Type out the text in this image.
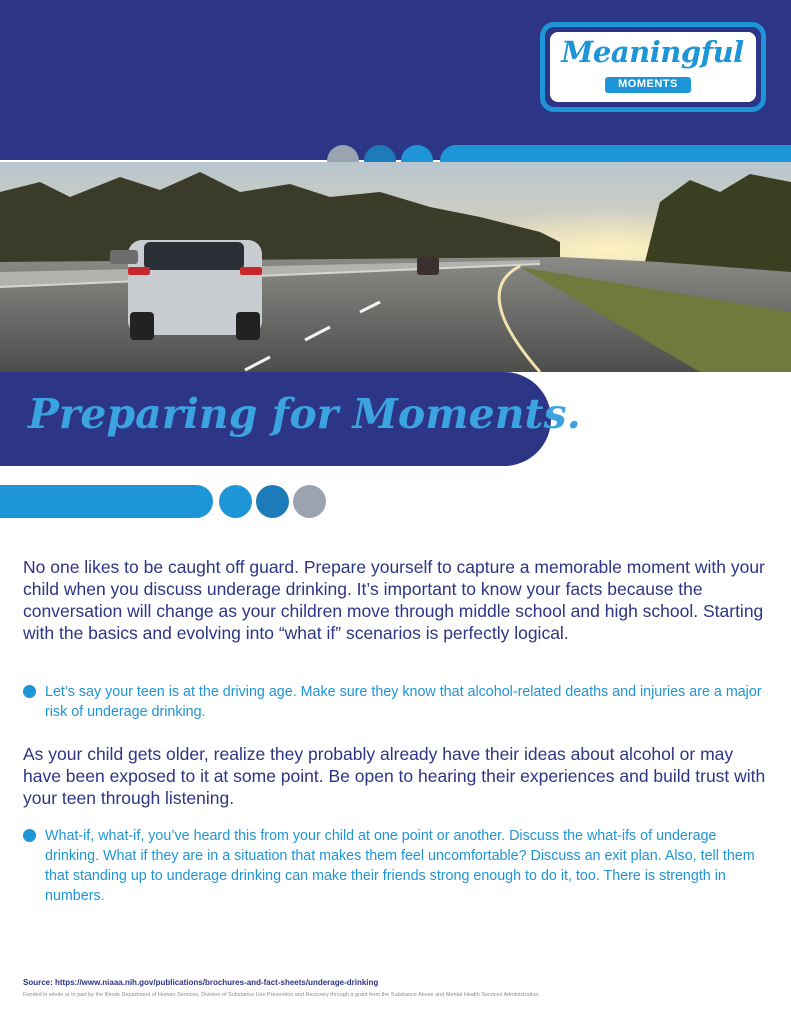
Meaningful
MOMENTS
Preparing for Moments.
No one likes to be caught off guard. Prepare yourself to capture a memorable moment with your child when you discuss underage drinking. It’s important to know your facts because the conversation will change as your children move through middle school and high school. Starting with the basics and evolving into “what if” scenarios is perfectly logical.
Let’s say your teen is at the driving age. Make sure they know that alcohol-related deaths and injuries are a major risk of underage drinking.
As your child gets older, realize they probably already have their ideas about alcohol or may have been exposed to it at some point. Be open to hearing their experiences and build trust with your teen through listening.
What-if, what-if, you’ve heard this from your child at one point or another. Discuss the what-ifs of underage drinking. What if they are in a situation that makes them feel uncomfortable? Discuss an exit plan. Also, tell them that standing up to underage drinking can make their friends strong enough to do it, too. There is strength in numbers.
Source: https://www.niaaa.nih.gov/publications/brochures-and-fact-sheets/underage-drinking
Funded in whole or in part by the Illinois Department of Human Services, Division of Substance Use Prevention and Recovery through a grant from the Substance Abuse and Mental Health Services Administration.
